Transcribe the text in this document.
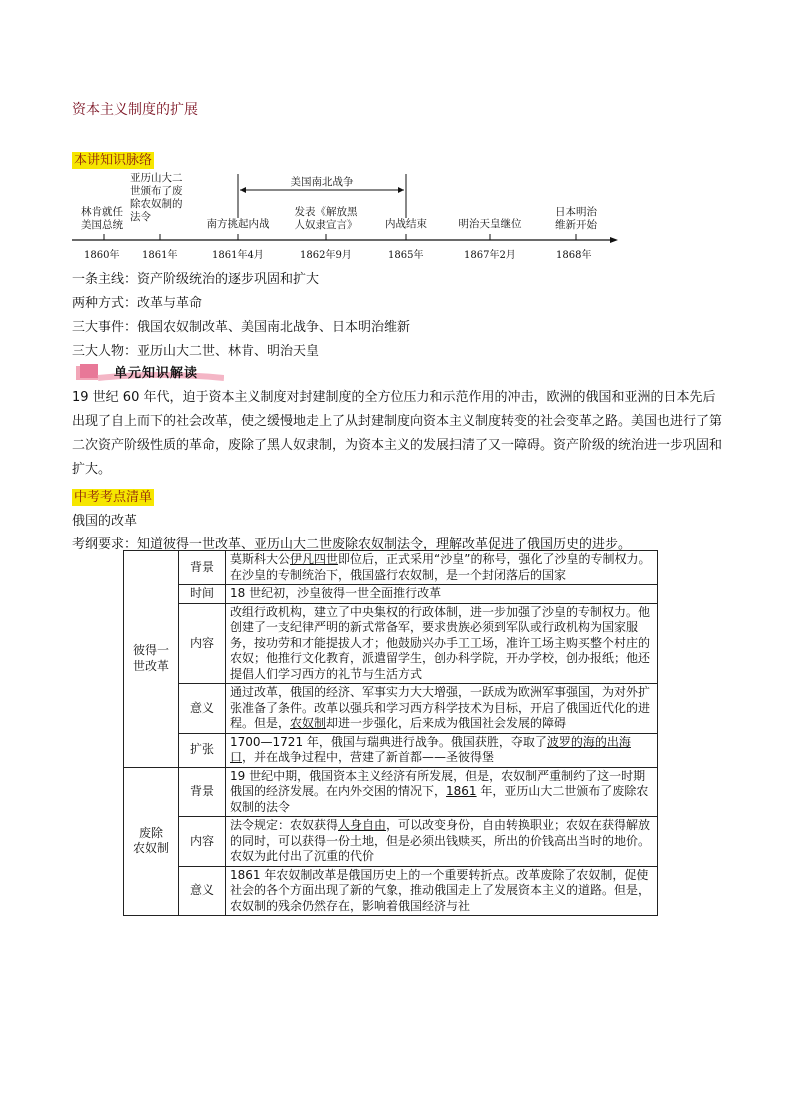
资本主义制度的扩展
本讲知识脉络
林肯就任
美国总统
亚历山大二
世颁布了废
除农奴制的
法令
南方挑起内战
发表《解放黑
人奴隶宣言》	内战结束	明治天皇继位
日本明治
维新开始
美国南北战争
1860年 1861年	1861年4月	1862年9月	1865年	1867年2月	1868年
一条主线：资产阶级统治的逐步巩固和扩大
两种方式：改革与革命
三大事件：俄国农奴制改革、美国南北战争、日本明治维新
三大人物：亚历山大二世、林肯、明治天皇
单元知识解读
19 世纪 60 年代，迫于资本主义制度对封建制度的全方位压力和示范作用的冲击，欧洲的俄国和亚洲的日本先后出现了自上而下的社会改革，使之缓慢地走上了从封建制度向资本主义制度转变的社会变革之路。美国也进行了第二次资产阶级性质的革命，废除了黑人奴隶制，为资本主义的发展扫清了又一障碍。资产阶级的统治进一步巩固和扩大。
中考考点清单
俄国的改革
考纲要求：知道彼得一世改革、亚历山大二世废除农奴制法令，理解改革促进了俄国历史的进步。
彼得一
世改革	背景	莫斯科大公伊凡四世即位后，正式采用“沙皇”的称号，强化了沙皇的专制权力。在沙皇的专制统治下，俄国盛行农奴制，是一个封闭落后的国家
	时间	18 世纪初，沙皇彼得一世全面推行改革
	内容	改组行政机构，建立了中央集权的行政体制，进一步加强了沙皇的专制权力。他创建了一支纪律严明的新式常备军，要求贵族必须到军队或行政机构为国家服务，按功劳和才能提拔人才；他鼓励兴办手工工场，准许工场主购买整个村庄的农奴；他推行文化教育，派遣留学生，创办科学院，开办学校，创办报纸；他还提倡人们学习西方的礼节与生活方式
	意义	通过改革，俄国的经济、军事实力大大增强，一跃成为欧洲军事强国，为对外扩张准备了条件。改革以强兵和学习西方科学技术为目标，开启了俄国近代化的进程。但是，农奴制却进一步强化，后来成为俄国社会发展的障碍
	扩张	1700—1721 年，俄国与瑞典进行战争。俄国获胜，夺取了波罗的海的出海口，并在战争过程中，营建了新首都——圣彼得堡
废除
农奴制	背景	19 世纪中期，俄国资本主义经济有所发展，但是，农奴制严重制约了这一时期俄国的经济发展。在内外交困的情况下，1861 年，亚历山大二世颁布了废除农奴制的法令
	内容	法令规定：农奴获得人身自由，可以改变身份，自由转换职业；农奴在获得解放的同时，可以获得一份土地，但是必须出钱赎买，所出的价钱高出当时的地价。农奴为此付出了沉重的代价
	意义	1861 年农奴制改革是俄国历史上的一个重要转折点。改革废除了农奴制，促使社会的各个方面出现了新的气象，推动俄国走上了发展资本主义的道路。但是，农奴制的残余仍然存在，影响着俄国经济与社
